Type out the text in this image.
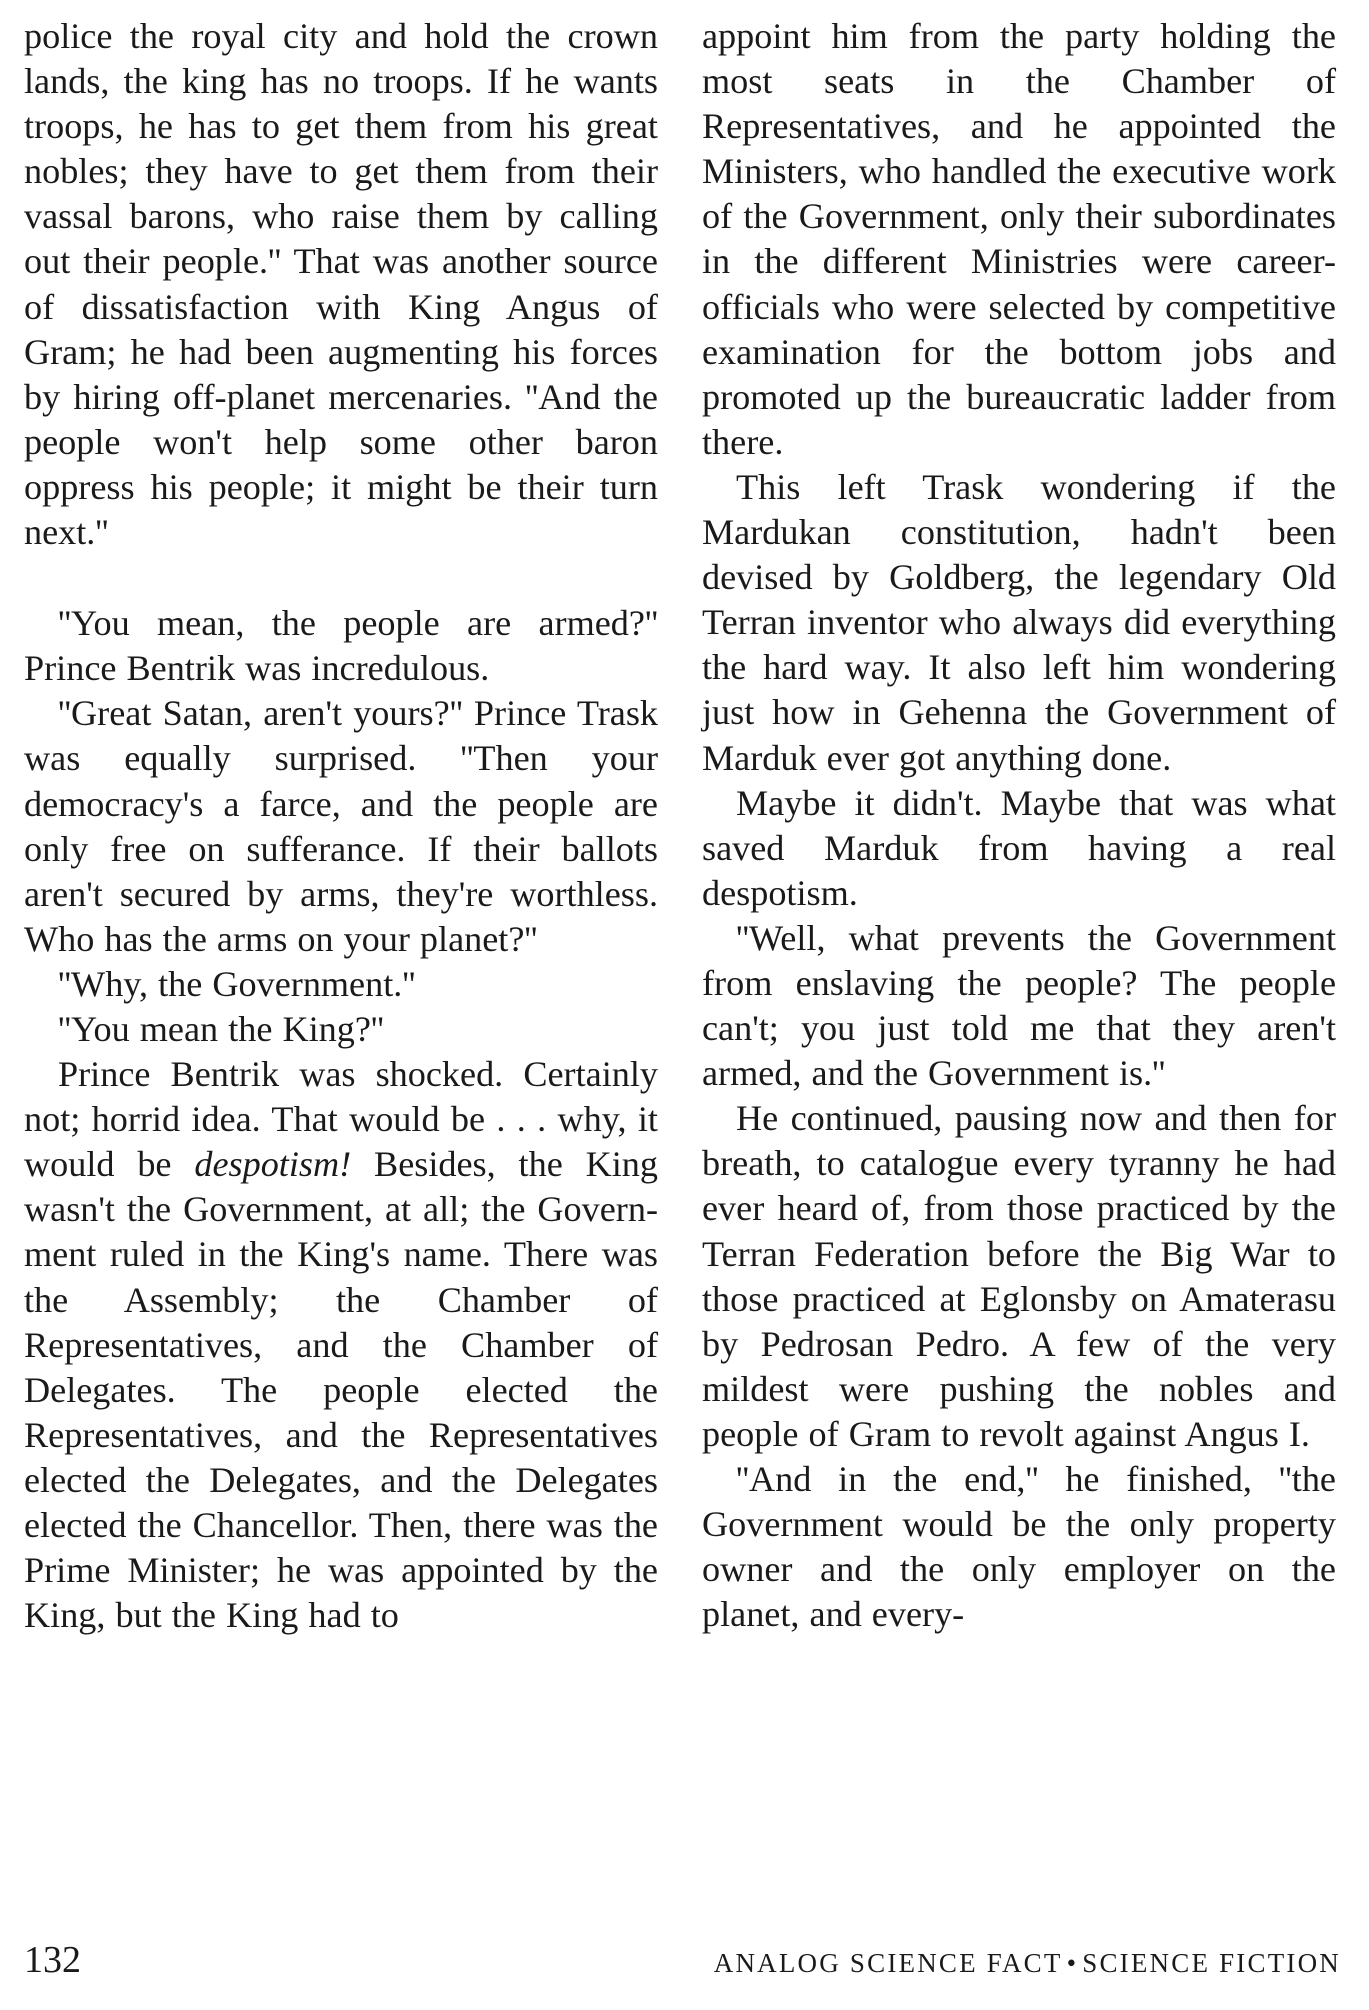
police the royal city and hold the crown lands, the king has no troops. If he wants troops, he has to get them from his great nobles; they have to get them from their vassal barons, who raise them by calling out their people.'' That was another source of dissatisfaction with King Angus of Gram; he had been augmenting his forces by hiring off-planet mercenaries. ''And the people won't help some other baron oppress his people; it might be their turn next.''

''You mean, the people are armed?'' Prince Bentrik was incredulous.

''Great Satan, aren't yours?'' Prince Trask was equally surprised. ''Then your democracy's a farce, and the people are only free on sufferance. If their ballots aren't secured by arms, they're worthless. Who has the arms on your planet?''

''Why, the Government.''

''You mean the King?''

Prince Bentrik was shocked. Certainly not; horrid idea. That would be . . . why, it would be despotism! Besides, the King wasn't the Government, at all; the Government ruled in the King's name. There was the Assembly; the Chamber of Representatives, and the Chamber of Delegates. The people elected the Representatives, and the Representatives elected the Delegates, and the Delegates elected the Chancellor. Then, there was the Prime Minister; he was appointed by the King, but the King had to

appoint him from the party holding the most seats in the Chamber of Representatives, and he appointed the Ministers, who handled the executive work of the Government, only their subordinates in the different Ministries were career-officials who were selected by competitive examination for the bottom jobs and promoted up the bureaucratic ladder from there.

This left Trask wondering if the Mardukan constitution, hadn't been devised by Goldberg, the legendary Old Terran inventor who always did everything the hard way. It also left him wondering just how in Gehenna the Government of Marduk ever got anything done.

Maybe it didn't. Maybe that was what saved Marduk from having a real despotism.

''Well, what prevents the Government from enslaving the people? The people can't; you just told me that they aren't armed, and the Government is.''

He continued, pausing now and then for breath, to catalogue every tyranny he had ever heard of, from those practiced by the Terran Federation before the Big War to those practiced at Eglonsby on Amaterasu by Pedrosan Pedro. A few of the very mildest were pushing the nobles and people of Gram to revolt against Angus I.

''And in the end,'' he finished, ''the Government would be the only property owner and the only employer on the planet, and every-

132	ANALOG SCIENCE FACT • SCIENCE FICTION
